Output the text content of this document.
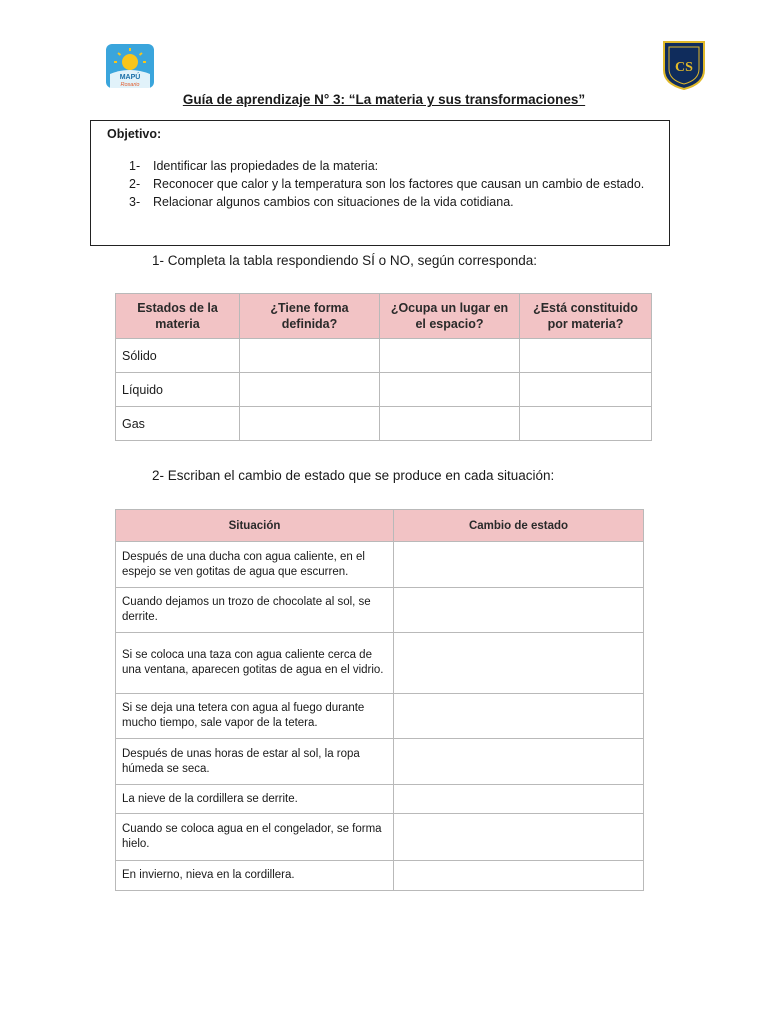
MAPÚ
Rosario
CS
Guía de aprendizaje N° 3: “La materia y sus transformaciones”
Objetivo:
1- Identificar las propiedades de la materia:
2- Reconocer que calor y la temperatura son los factores que causan un cambio de estado.
3- Relacionar algunos cambios con situaciones de la vida cotidiana.
1- Completa la tabla respondiendo SÍ o NO, según corresponda:
Estados de la materia	¿Tiene forma definida?	¿Ocupa un lugar en el espacio?	¿Está constituido por materia?
Sólido			
Líquido			
Gas			
2- Escriban el cambio de estado que se produce en cada situación:
Situación	Cambio de estado
Después de una ducha con agua caliente, en el espejo se ven gotitas de agua que escurren.	
Cuando dejamos un trozo de chocolate al sol, se derrite.	
Si se coloca una taza con agua caliente cerca de una ventana, aparecen gotitas de agua en el vidrio.	
Si se deja una tetera con agua al fuego durante mucho tiempo, sale vapor de la tetera.	
Después de unas horas de estar al sol, la ropa húmeda se seca.	
La nieve de la cordillera se derrite.	
Cuando se coloca agua en el congelador, se forma hielo.	
En invierno, nieva en la cordillera.	
